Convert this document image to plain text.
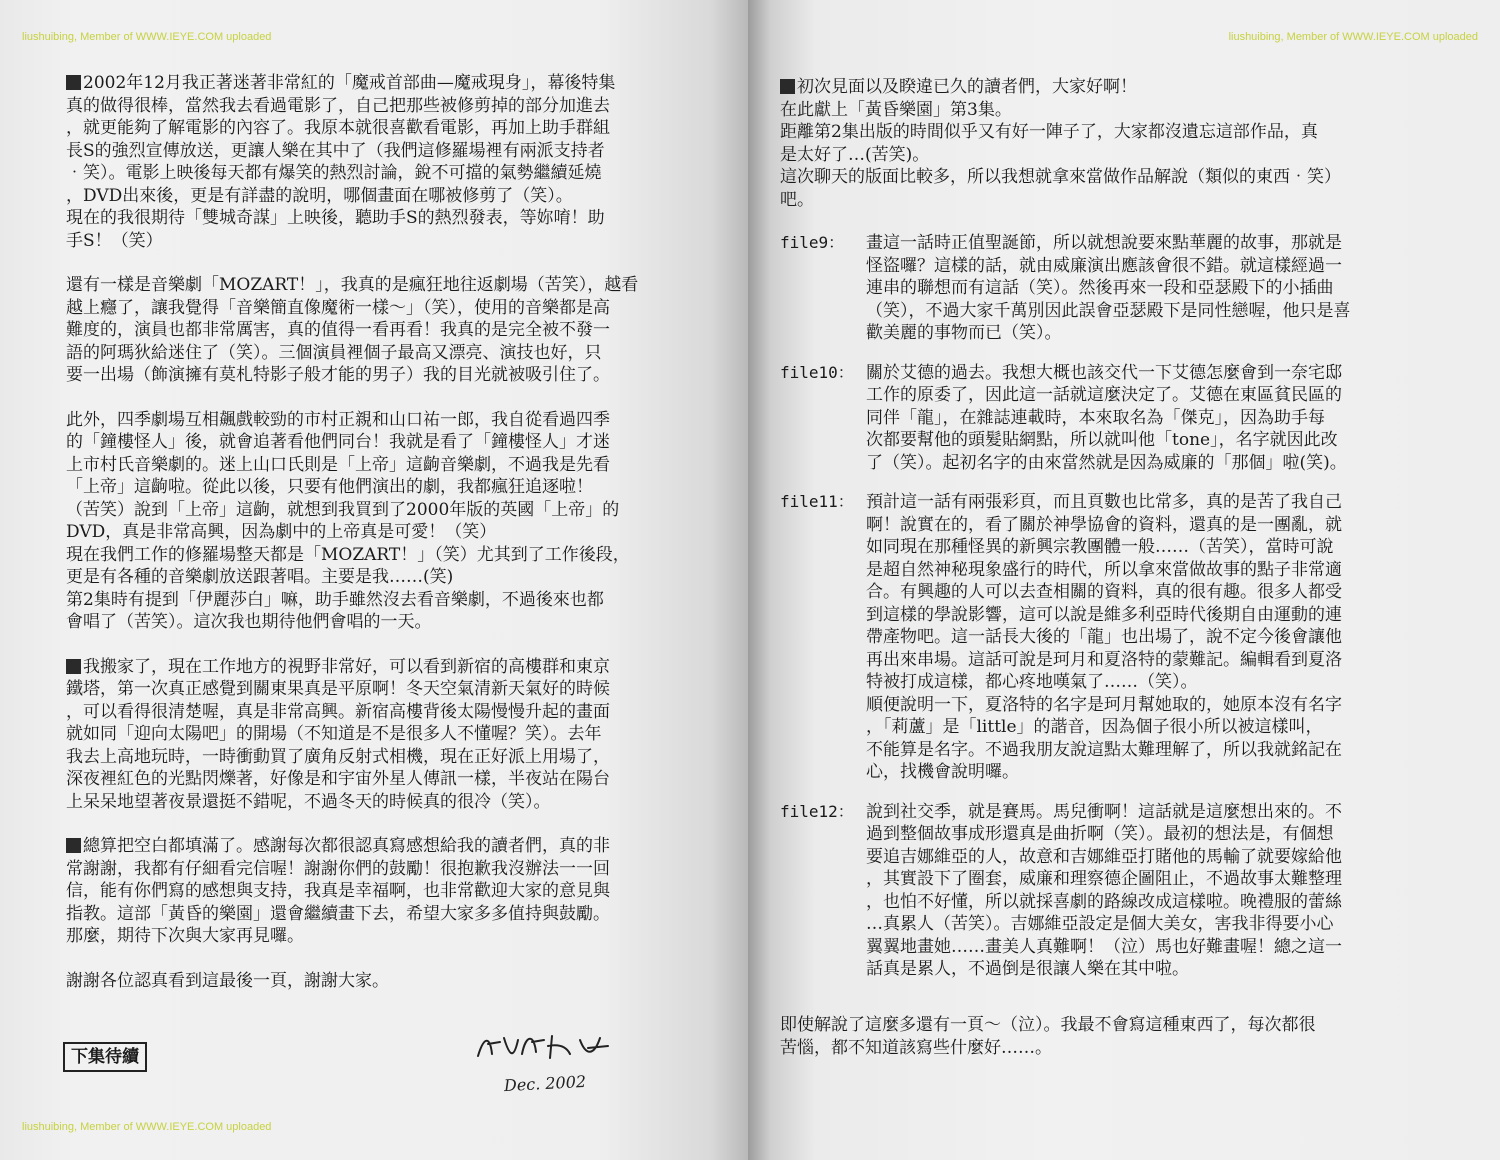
liushuibing, Member of WWW.IEYE.COM uploaded
liushuibing, Member of WWW.IEYE.COM uploaded
2002年12月我正著迷著非常紅的「魔戒首部曲—魔戒現身」，幕後特集
真的做得很棒，當然我去看過電影了，自己把那些被修剪掉的部分加進去
，就更能夠了解電影的內容了。我原本就很喜歡看電影，再加上助手群組
長S的強烈宣傳放送，更讓人樂在其中了（我們這修羅場裡有兩派支持者
‧笑）。電影上映後每天都有爆笑的熱烈討論，銳不可擋的氣勢繼續延燒
，DVD出來後，更是有詳盡的說明，哪個畫面在哪被修剪了（笑）。
現在的我很期待「雙城奇謀」上映後，聽助手S的熱烈發表，等妳唷！助
手S！（笑）
還有一樣是音樂劇「MOZART！」，我真的是瘋狂地往返劇場（苦笑），越看
越上癮了，讓我覺得「音樂簡直像魔術一樣～」（笑），使用的音樂都是高
難度的，演員也都非常厲害，真的值得一看再看！我真的是完全被不發一
語的阿瑪狄給迷住了（笑）。三個演員裡個子最高又漂亮、演技也好，只
要一出場（飾演擁有莫札特影子般才能的男子）我的目光就被吸引住了。
此外，四季劇場互相飆戲較勁的市村正親和山口祐一郎，我自從看過四季
的「鐘樓怪人」後，就會追著看他們同台！我就是看了「鐘樓怪人」才迷
上市村氏音樂劇的。迷上山口氏則是「上帝」這齣音樂劇，不過我是先看
「上帝」這齣啦。從此以後，只要有他們演出的劇，我都瘋狂追逐啦！
（苦笑）說到「上帝」這齣，就想到我買到了2000年版的英國「上帝」的
DVD，真是非常高興，因為劇中的上帝真是可愛！（笑）
現在我們工作的修羅場整天都是「MOZART！」（笑）尤其到了工作後段，
更是有各種的音樂劇放送跟著唱。主要是我……(笑)
第2集時有提到「伊麗莎白」嘛，助手雖然沒去看音樂劇，不過後來也都
會唱了（苦笑）。這次我也期待他們會唱的一天。
我搬家了，現在工作地方的視野非常好，可以看到新宿的高樓群和東京
鐵塔，第一次真正感覺到關東果真是平原啊！冬天空氣清新天氣好的時候
，可以看得很清楚喔，真是非常高興。新宿高樓背後太陽慢慢升起的畫面
就如同「迎向太陽吧」的開場（不知道是不是很多人不懂喔？笑）。去年
我去上高地玩時，一時衝動買了廣角反射式相機，現在正好派上用場了，
深夜裡紅色的光點閃爍著，好像是和宇宙外星人傳訊一樣，半夜站在陽台
上呆呆地望著夜景還挺不錯呢，不過冬天的時候真的很冷（笑）。
總算把空白都填滿了。感謝每次都很認真寫感想給我的讀者們，真的非
常謝謝，我都有仔細看完信喔！謝謝你們的鼓勵！很抱歉我沒辦法一一回
信，能有你們寫的感想與支持，我真是幸福啊，也非常歡迎大家的意見與
指教。這部「黃昏的樂園」還會繼續畫下去，希望大家多多值持與鼓勵。
那麼，期待下次與大家再見囉。
謝謝各位認真看到這最後一頁，謝謝大家。
下集待續
Dec. 2002
liushuibing, Member of WWW.IEYE.COM uploaded
初次見面以及睽違已久的讀者們，大家好啊！
在此獻上「黃昏樂園」第3集。
距離第2集出版的時間似乎又有好一陣子了，大家都沒遺忘這部作品，真
是太好了…(苦笑)。
這次聊天的版面比較多，所以我想就拿來當做作品解說（類似的東西‧笑）
吧。
file9：	畫這一話時正值聖誕節，所以就想說要來點華麗的故事，那就是
怪盜囉？這樣的話，就由威廉演出應該會很不錯。就這樣經過一
連串的聯想而有這話（笑）。然後再來一段和亞瑟殿下的小插曲
（笑），不過大家千萬別因此誤會亞瑟殿下是同性戀喔，他只是喜
歡美麗的事物而已（笑）。
file10： 關於艾德的過去。我想大概也該交代一下艾德怎麼會到一奈宅邸
工作的原委了，因此這一話就這麼決定了。艾德在東區貧民區的
同伴「龍」，在雜誌連載時，本來取名為「傑克」，因為助手每
次都要幫他的頭髮貼網點，所以就叫他「tone」，名字就因此改
了（笑）。起初名字的由來當然就是因為威廉的「那個」啦(笑)。
file11： 預計這一話有兩張彩頁，而且頁數也比常多，真的是苦了我自己
啊！說實在的，看了關於神學協會的資料，還真的是一團亂，就
如同現在那種怪異的新興宗教團體一般……（苦笑），當時可說
是超自然神秘現象盛行的時代，所以拿來當做故事的點子非常適
合。有興趣的人可以去查相關的資料，真的很有趣。很多人都受
到這樣的學說影響，這可以說是維多利亞時代後期自由運動的連
帶產物吧。這一話長大後的「龍」也出場了，說不定今後會讓他
再出來串場。這話可說是珂月和夏洛特的蒙難記。編輯看到夏洛
特被打成這樣，都心疼地嘆氣了……（笑）。
順便說明一下，夏洛特的名字是珂月幫她取的，她原本沒有名字
，「莉蘆」是「little」的諧音，因為個子很小所以被這樣叫，
不能算是名字。不過我朋友說這點太難理解了，所以我就銘記在
心，找機會說明囉。
file12： 說到社交季，就是賽馬。馬兒衝啊！這話就是這麼想出來的。不
過到整個故事成形還真是曲折啊（笑）。最初的想法是，有個想
要追吉娜維亞的人，故意和吉娜維亞打賭他的馬輸了就要嫁給他
，其實設下了圈套，威廉和理察德企圖阻止，不過故事太難整理
，也怕不好懂，所以就採喜劇的路線改成這樣啦。晚禮服的蕾絲
…真累人（苦笑）。吉娜維亞設定是個大美女，害我非得要小心
翼翼地畫她……畫美人真難啊！（泣）馬也好難畫喔！總之這一
話真是累人，不過倒是很讓人樂在其中啦。
即使解說了這麼多還有一頁～（泣）。我最不會寫這種東西了，每次都很
苦惱，都不知道該寫些什麼好……。
